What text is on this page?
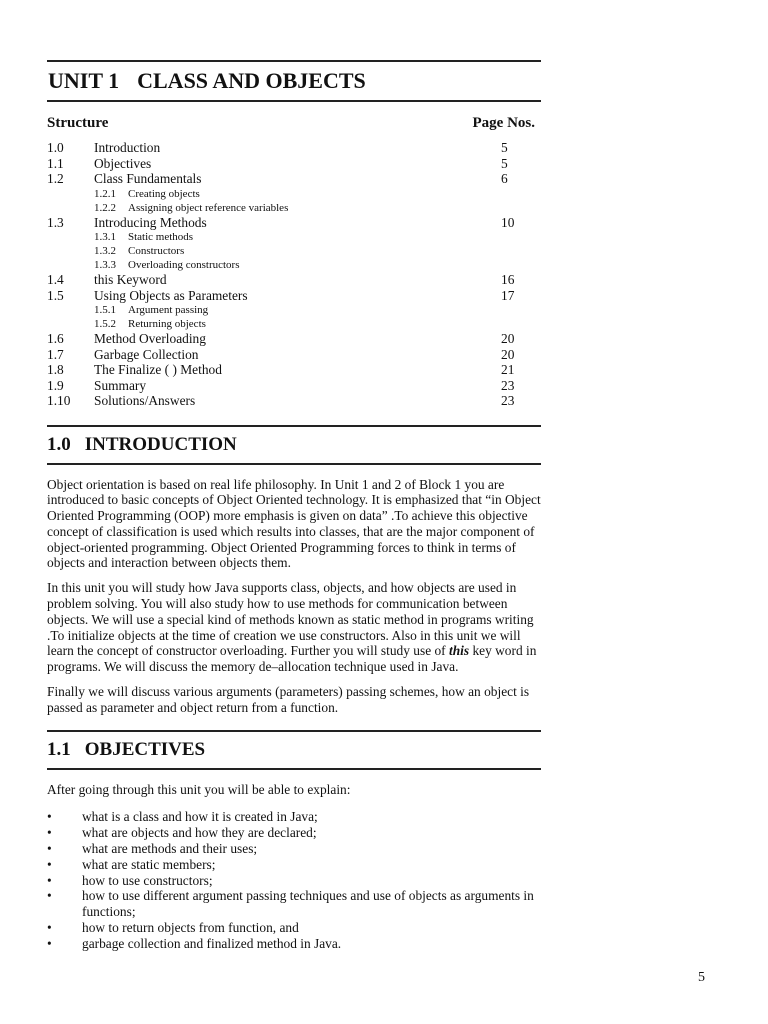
UNIT 1 CLASS AND OBJECTS
Structure	Page Nos.
1.0	Introduction	5
1.1	Objectives	5
1.2	Class Fundamentals	6
1.2.1	Creating objects
1.2.2	Assigning object reference variables
1.3	Introducing Methods	10
1.3.1	Static methods
1.3.2	Constructors
1.3.3	Overloading constructors
1.4	this Keyword	16
1.5	Using Objects as Parameters	17
1.5.1	Argument passing
1.5.2	Returning objects
1.6	Method Overloading	20
1.7	Garbage Collection	20
1.8	The Finalize ( ) Method	21
1.9	Summary	23
1.10	Solutions/Answers	23
1.0 INTRODUCTION

Object orientation is based on real life philosophy. In Unit 1 and 2 of Block 1 you are introduced to basic concepts of Object Oriented technology. It is emphasized that “in Object Oriented Programming (OOP) more emphasis is given on data” .To achieve this objective concept of classification is used which results into classes, that are the major component of object-oriented programming. Object Oriented Programming forces to think in terms of objects and interaction between objects them.

In this unit you will study how Java supports class, objects, and how objects are used in problem solving. You will also study how to use methods for communication between objects. We will use a special kind of methods known as static method in programs writing .To initialize objects at the time of creation we use constructors. Also in this unit we will learn the concept of constructor overloading. Further you will study use of this key word in programs. We will discuss the memory de–allocation technique used in Java.

Finally we will discuss various arguments (parameters) passing schemes, how an object is passed as parameter and object return from a function.

1.1 OBJECTIVES

After going through this unit you will be able to explain:

•	what is a class and how it is created in Java;
•	what are objects and how they are declared;
•	what are methods and their uses;
•	what are static members;
•	how to use constructors;
•	how to use different argument passing techniques and use of objects as arguments in functions;
•	how to return objects from function, and
•	garbage collection and finalized method in Java.
5
